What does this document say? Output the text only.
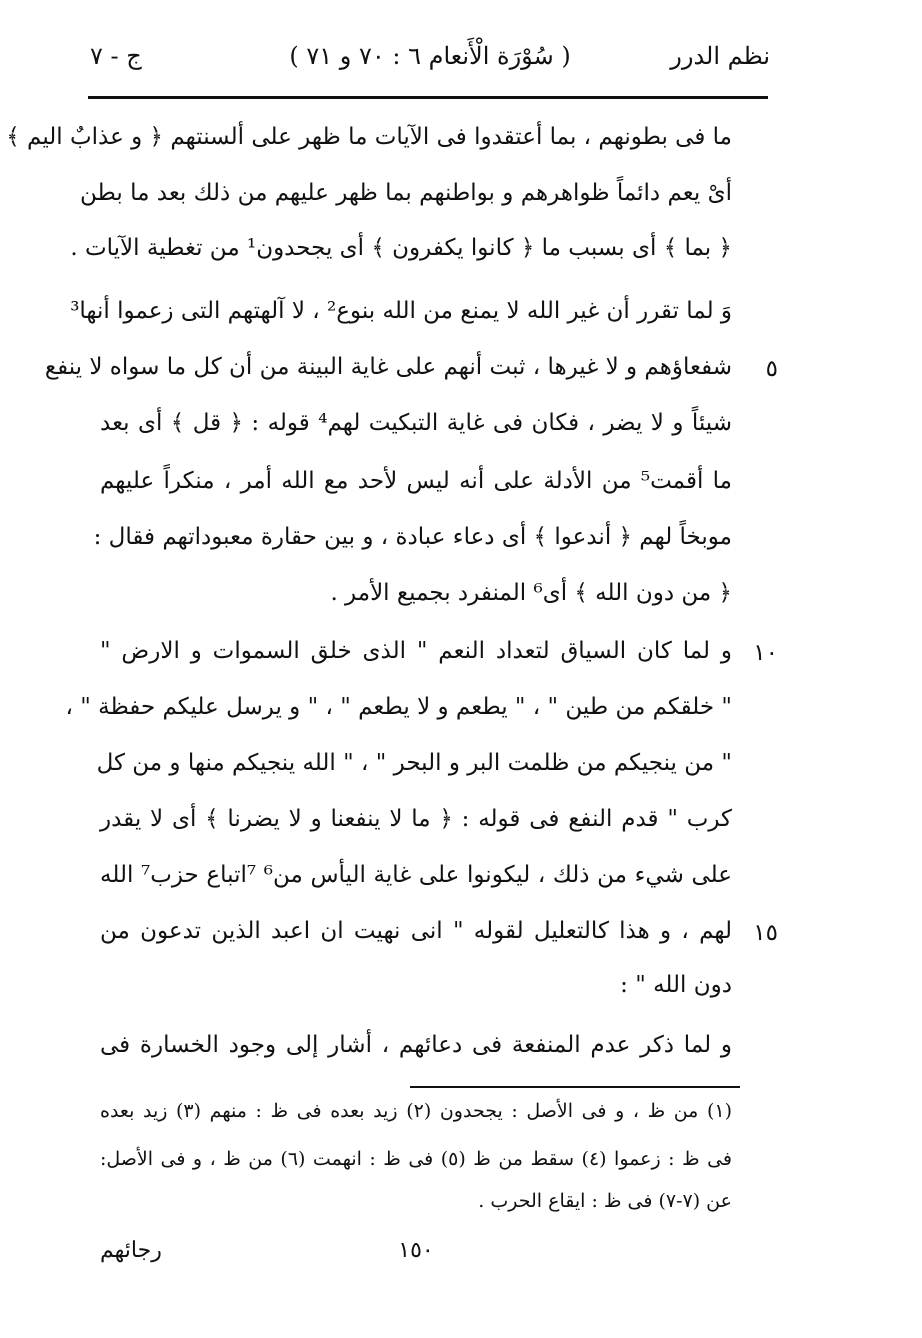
نظم الدرر
( سُوْرَة الْأَنعام ٦ : ٧٠ و ٧١ )
ج - ٧
ما فى بطونهم ، بما أعتقدوا فى الآيات ما ظهر على ألسنتهم ﴿ و عذابٌ اليم ﴾
أىْ يعم دائماً ظواهرهم و بواطنهم بما ظهر عليهم من ذلك بعد ما بطن
﴿ بما ﴾ أى بسبب ما ﴿ كانوا يكفرون ﴾ أى يجحدون¹ من تغطية الآيات .
وَ لما تقرر أن غير الله لا يمنع من الله بنوع² ، لا آلهتهم التى زعموا أنها³
٥
شفعاؤهم و لا غيرها ، ثبت أنهم على غاية البينة من أن كل ما سواه لا ينفع
شيئاً و لا يضر ، فكان فى غاية التبكيت لهم⁴ قوله : ﴿ قل ﴾ أى بعد
ما أقمت⁵ من الأدلة على أنه ليس لأحد مع الله أمر ، منكراً عليهم
موبخاً لهم ﴿ أندعوا ﴾ أى دعاء عبادة ، و بين حقارة معبوداتهم فقال :
﴿ من دون الله ﴾ أى⁶ المنفرد بجميع الأمر .
١٠
و لما كان السياق لتعداد النعم " الذى خلق السموات و الارض "
" خلقكم من طين " ، " يطعم و لا يطعم " ، " و يرسل عليكم حفظة " ،
" من ينجيكم من ظلمت البر و البحر " ، " الله ينجيكم منها و من كل
كرب " قدم النفع فى قوله : ﴿ ما لا ينفعنا و لا يضرنا ﴾ أى لا يقدر
على شيء من ذلك ، ليكونوا على غاية اليأس من⁶ ⁷اتباع حزب⁷ الله
١٥
لهم ، و هذا كالتعليل لقوله " انى نهيت ان اعبد الذين تدعون من
دون الله " :
و لما ذكر عدم المنفعة فى دعائهم ، أشار إلى وجود الخسارة فى
(١) من ظ ، و فى الأصل : يجحدون (٢) زيد بعده فى ظ : منهم (٣) زيد بعده
فى ظ : زعموا (٤) سقط من ظ (٥) فى ظ : انهمت (٦) من ظ ، و فى الأصل:
عن (٧-٧) فى ظ : ايقاع الحرب .
١٥٠
رجائهم
